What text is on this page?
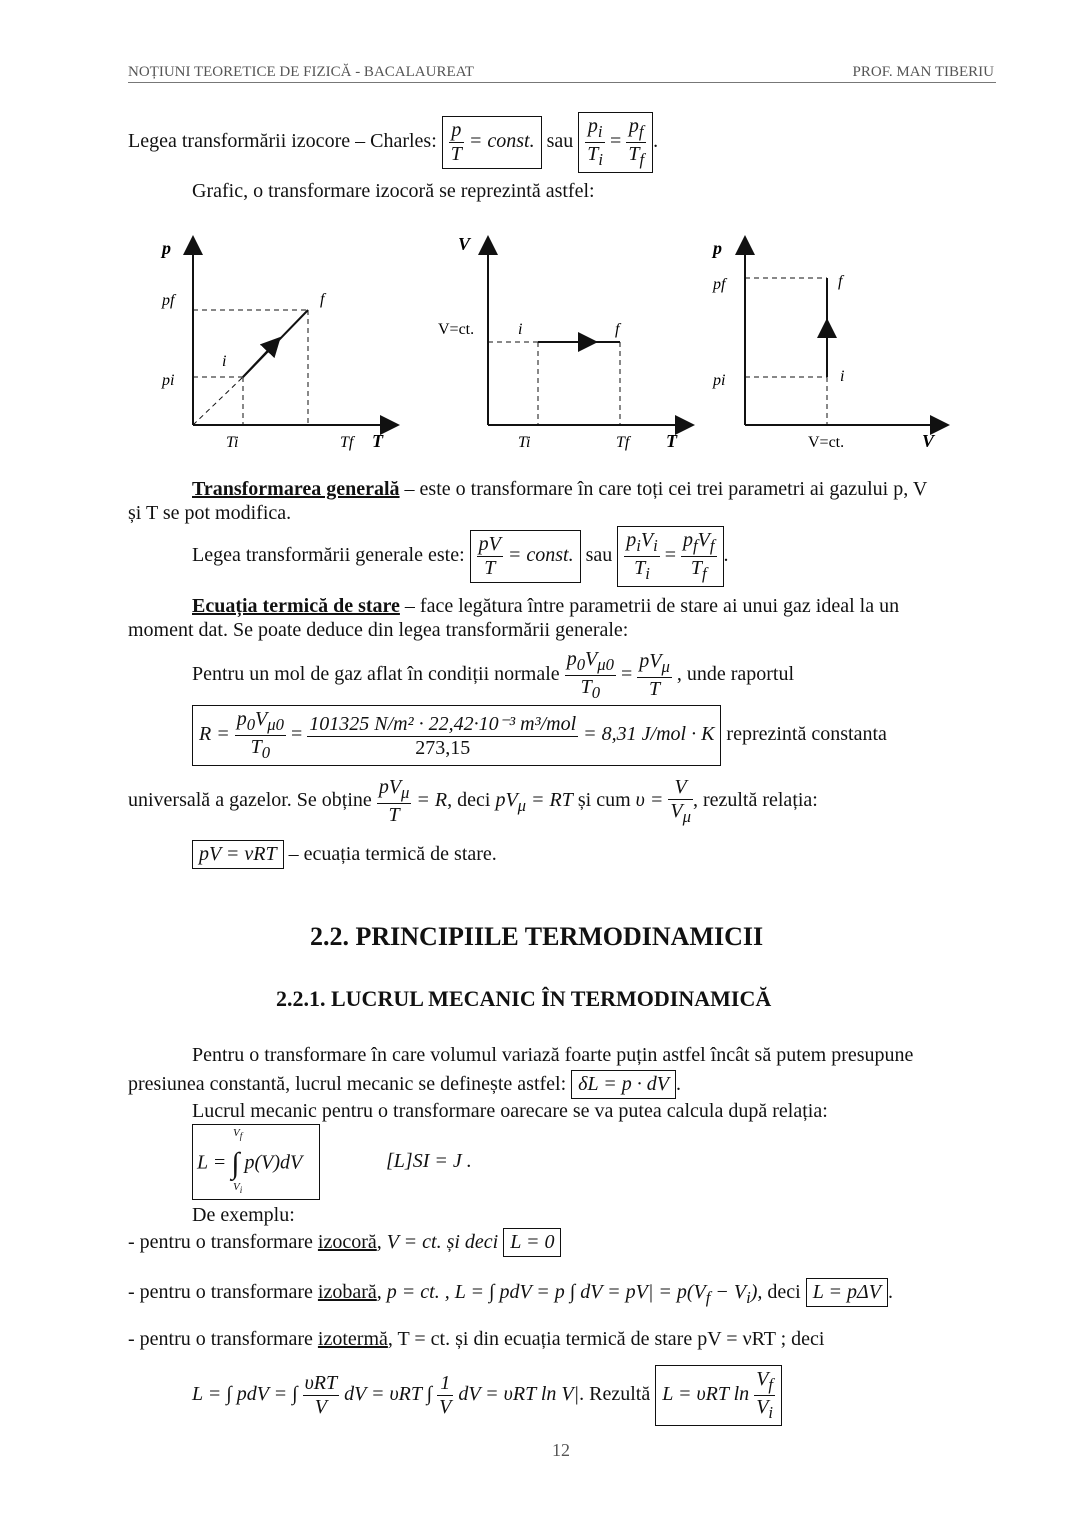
NOȚIUNI TEORETICE DE FIZICĂ - BACALAUREAT	PROF. MAN TIBERIU
Legea transformării izocore – Charles: $\frac{p}{T}$ = const. sau $\frac{p_i}{T_i} = \frac{p_f}{T_f}$ .
Grafic, o transformare izocoră se reprezintă astfel:
p
pf
pi
i
f
Ti	Tf T
V
V=ct.	i	f
Ti	Tf T
p
pf
pi	i
f
V=ct.	V
Transformarea generală – este o transformare în care toți cei trei parametri ai gazului p, V
și T se pot modifica.
Legea transformării generale este: $\frac{pV}{T}$ = const. sau $\frac{p_iV_i}{T_i} = \frac{p_fV_f}{T_f}$ .
Ecuația termică de stare – face legătura între parametrii de stare ai unui gaz ideal la un
moment dat. Se poate deduce din legea transformării generale:
Pentru un mol de gaz aflat în condiții normale $\frac{p_0V_{\mu 0}}{T_0} = \frac{pV_\mu}{T}$ , unde raportul
$R = \frac{p_0V_{\mu 0}}{T_0} = \frac{\text{101325 N/m² · 22,42·10⁻³ m³/mol}}{273,15} = 8,31$ J/mol · K reprezintă constanta
universală a gazelor. Se obține $\frac{pV_\mu}{T} = R$, deci $pV_\mu$ = RT și cum $\upsilon = \frac{V}{V_\mu}$ , rezultă relația:
pV = νRT – ecuația termică de stare.
2.2. PRINCIPIILE TERMODINAMICII
2.2.1. LUCRUL MECANIC ÎN TERMODINAMICĂ
Pentru o transformare în care volumul variază foarte puțin astfel încât să putem presupune
presiunea constantă, lucrul mecanic se definește astfel: δL = p · dV .
Lucrul mecanic pentru o transformare oarecare se va putea calcula după relația:
L = ∫ p(V)dV
$V_f$
$V_i$
[L]SI = J .
De exemplu:
- pentru o transformare izocoră, V = ct. și deci L = 0
- pentru o transformare izobară, p = ct. , L = ∫ pdV = p ∫ dV = $pV| = p(V_f - V_i)$, deci L = pΔV .
- pentru o transformare izotermă, T = ct. și din ecuația termică de stare pV = νRT ; deci
L = ∫ pdV = ∫ $\frac{\text{υRT}}{V}$ dV = υRT ∫ $\frac{1}{V}$ dV = υRT ln V|. Rezultă L = υRT $\ln \frac{V_f}{V_i}$
12
